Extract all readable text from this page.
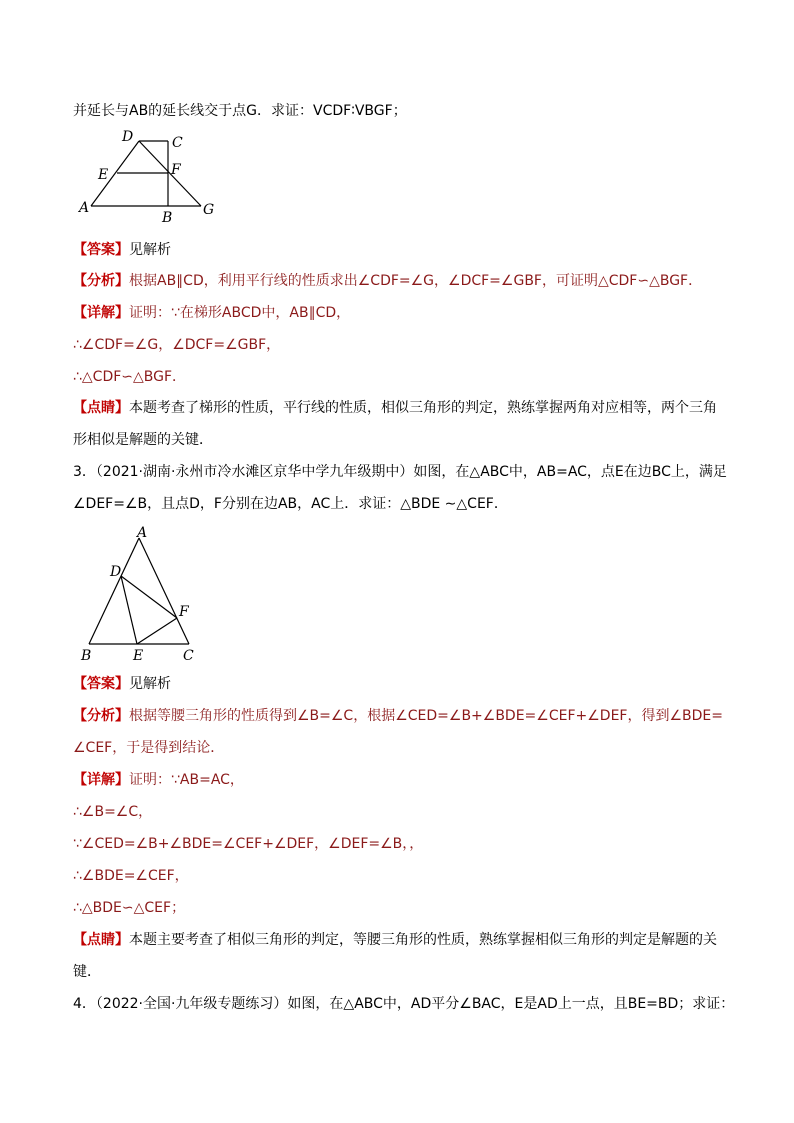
并延长与AB的延长线交于点G．求证：VCDF∶VBGF；
D	C
E	F
A
B G
【答案】见解析
【分析】根据AB∥CD，利用平行线的性质求出∠CDF=∠G，∠DCF=∠GBF，可证明△CDF∽△BGF．
【详解】证明：∵在梯形ABCD中，AB∥CD，
∴∠CDF=∠G，∠DCF=∠GBF，
∴△CDF∽△BGF．
【点睛】本题考查了梯形的性质，平行线的性质，相似三角形的判定，熟练掌握两角对应相等，两个三角
形相似是解题的关键．
3．（2021·湖南·永州市冷水滩区京华中学九年级期中）如图，在△ABC中，AB=AC，点E在边BC上，满足
∠DEF=∠B，且点D，F分别在边AB，AC上．求证：△BDE ∼△CEF．
A
D
F
B	E	C
【答案】见解析
【分析】根据等腰三角形的性质得到∠B=∠C，根据∠CED=∠B+∠BDE=∠CEF+∠DEF，得到∠BDE=
∠CEF，于是得到结论．
【详解】证明：∵AB=AC，
∴∠B=∠C，
∵∠CED=∠B+∠BDE=∠CEF+∠DEF，∠DEF=∠B，，
∴∠BDE=∠CEF，
∴△BDE∽△CEF；
【点睛】本题主要考查了相似三角形的判定，等腰三角形的性质，熟练掌握相似三角形的判定是解题的关
键．
4．（2022·全国·九年级专题练习）如图，在△ABC中，AD平分∠BAC，E是AD上一点，且BE=BD；求证：
